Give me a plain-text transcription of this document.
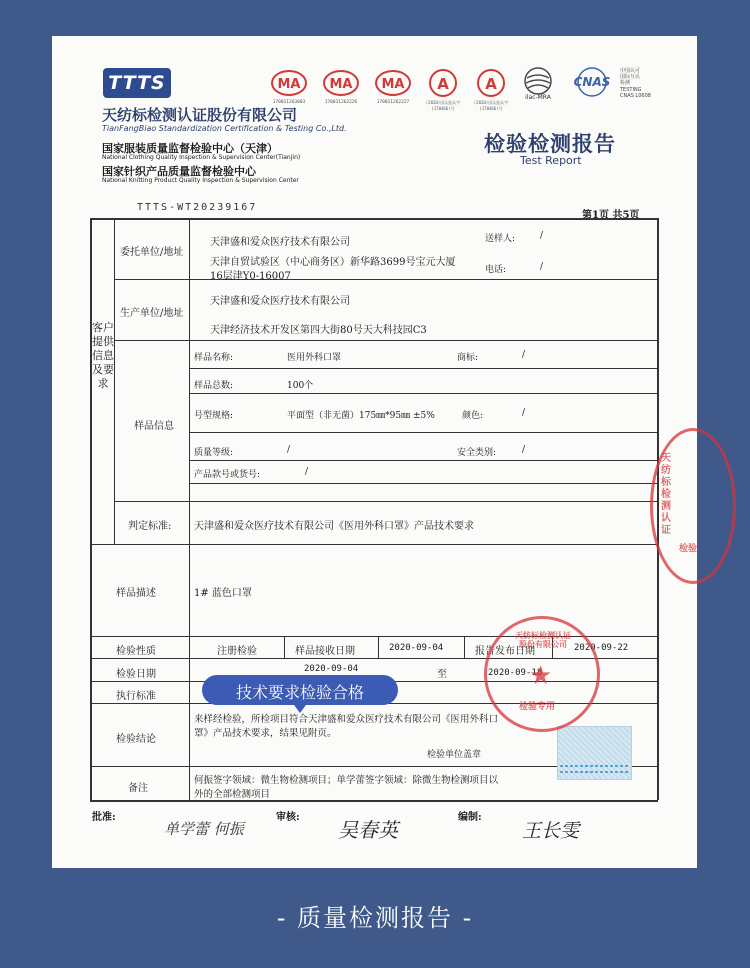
TTTS
天纺标检测认证股份有限公司
TianFangBiao Standardization Certification & Testing Co.,Ltd.
国家服装质量监督检验中心（天津）
National Clothing Quality Inspection & Supervision Center(Tianjin)
国家针织产品质量监督检验中心
National Knitting Product Quality Inspection & Supervision Center
MA
170011263083
MA
170011262226
MA
170011262227
A
(2020)国认监认字(170466)号
A
(2020)国认监认字(170466)号
ilac-MRA
CNAS
中国认可
国际互认
检测
TESTING
CNAS L0608
检验检测报告
Test Report
TTTS-WT20239167
第1页 共5页
客户提供信息及要求
委托单位/地址
天津盛和爱众医疗技术有限公司
天津自贸试验区（中心商务区）新华路3699号宝元大厦
16层津Y0-16007
送样人:	/
电话:	/
生产单位/地址
天津盛和爱众医疗技术有限公司
天津经济技术开发区第四大街80号天大科技园C3
样品信息
样品名称:	医用外科口罩	商标:	/
样品总数:	100个
号型规格:	平面型（非无菌）175㎜*95㎜ ±5%	颜色:	/
质量等级:	/	安全类别:	/
产品款号或货号:	/
判定标准: 天津盛和爱众医疗技术有限公司《医用外科口罩》产品技术要求
样品描述	1# 蓝色口罩
检验性质	注册检验	样品接收日期	2020-09-04	报告发布日期	2020-09-22
检验日期	2020-09-04	至	2020-09-18
执行标准
检验结论
来样经检验，所检项目符合天津盛和爱众医疗技术有限公司《医用外科口
罩》产品技术要求，结果见附页。
检验单位盖章
备注
何振签字领域：微生物检测项目；单学蕾签字领域：除微生物检测项目以
外的全部检测项目
天纺标检测认证股份有限公司
★
检验专用
天纺标检测认证
检验
批准:
单学蕾 何振
审核:
吴春英
编制:
王长雯
技术要求检验合格
- 质量检测报告 -
